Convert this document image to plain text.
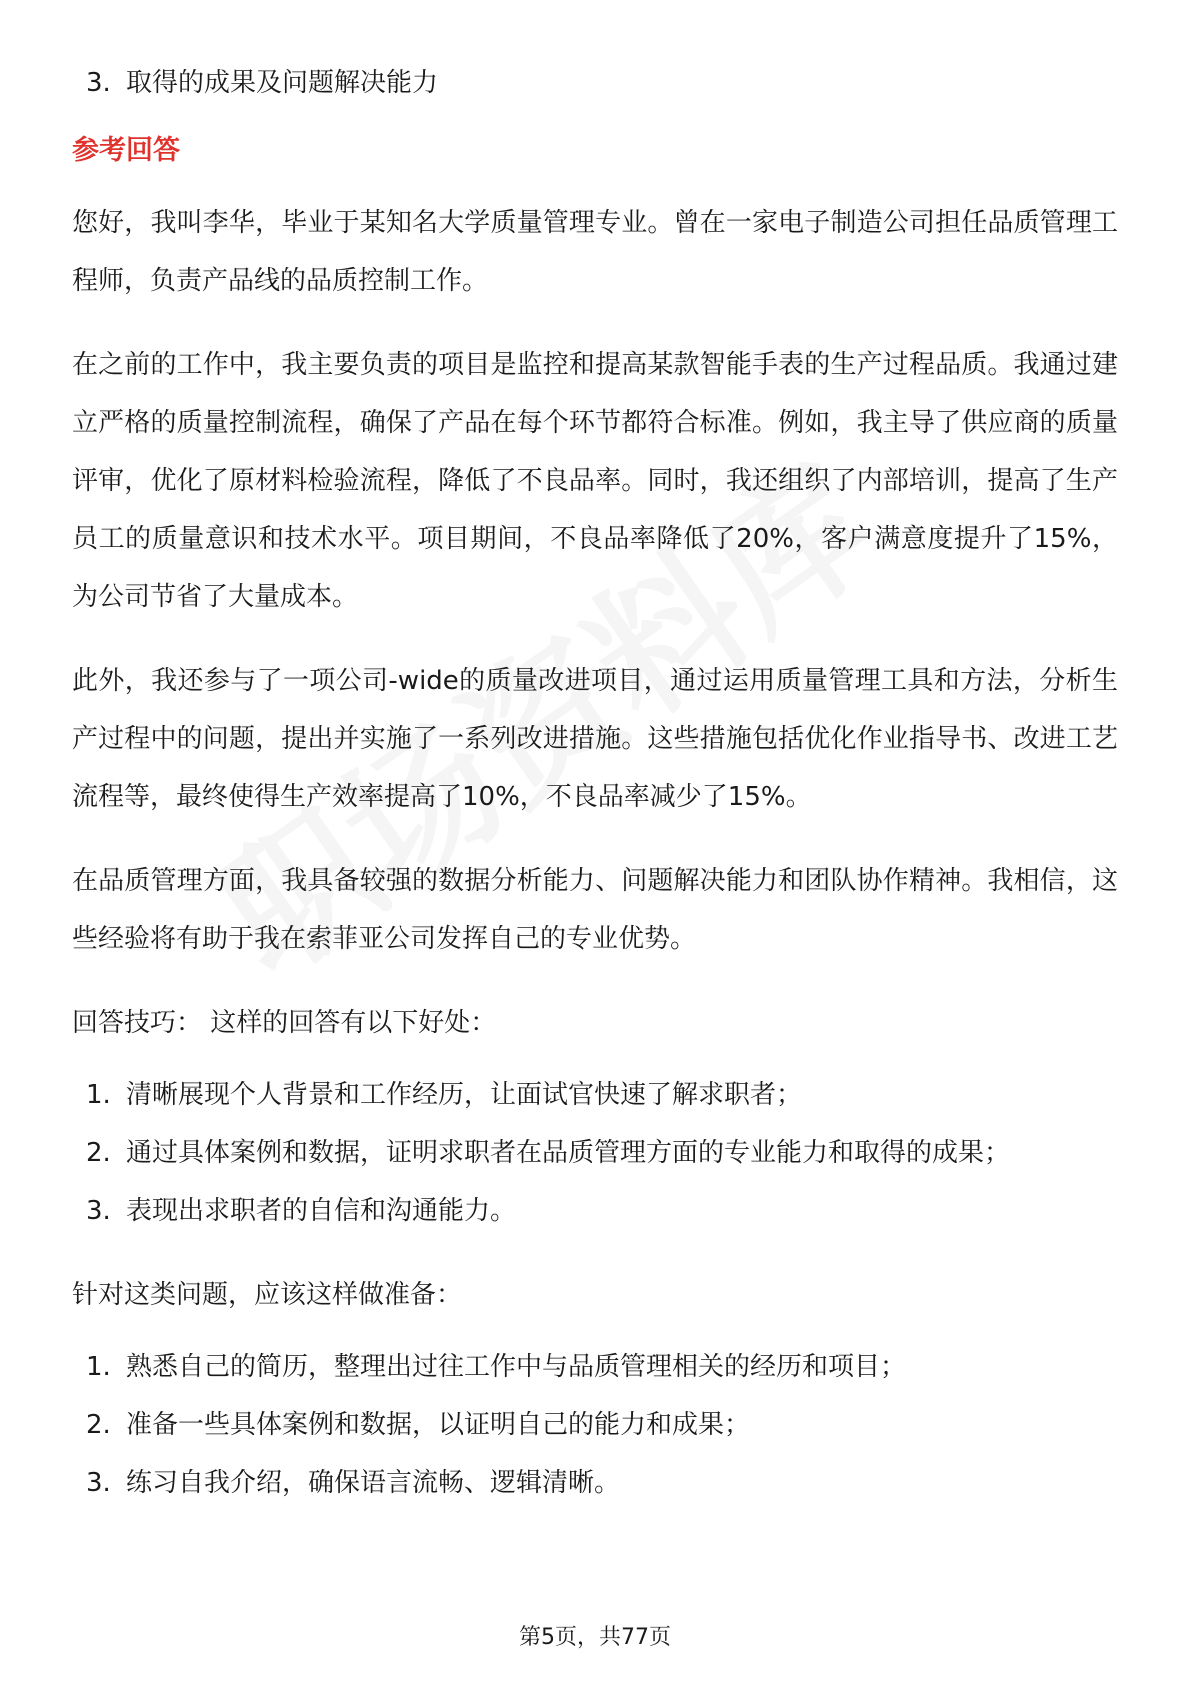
3. 取得的成果及问题解决能力
参考回答

您好，我叫李华，毕业于某知名大学质量管理专业。曾在一家电子制造公司担任品质管理工程师，负责产品线的品质控制工作。

在之前的工作中，我主要负责的项目是监控和提高某款智能手表的生产过程品质。我通过建立严格的质量控制流程，确保了产品在每个环节都符合标准。例如，我主导了供应商的质量评审，优化了原材料检验流程，降低了不良品率。同时，我还组织了内部培训，提高了生产员工的质量意识和技术水平。项目期间，不良品率降低了20%，客户满意度提升了15%，为公司节省了大量成本。

此外，我还参与了一项公司-wide的质量改进项目，通过运用质量管理工具和方法，分析生产过程中的问题，提出并实施了一系列改进措施。这些措施包括优化作业指导书、改进工艺流程等，最终使得生产效率提高了10%，不良品率减少了15%。

在品质管理方面，我具备较强的数据分析能力、问题解决能力和团队协作精神。我相信，这些经验将有助于我在索菲亚公司发挥自己的专业优势。

回答技巧： 这样的回答有以下好处：

1. 清晰展现个人背景和工作经历，让面试官快速了解求职者；
2. 通过具体案例和数据，证明求职者在品质管理方面的专业能力和取得的成果；
3. 表现出求职者的自信和沟通能力。

针对这类问题，应该这样做准备：

1. 熟悉自己的简历，整理出过往工作中与品质管理相关的经历和项目；
2. 准备一些具体案例和数据，以证明自己的能力和成果；
3. 练习自我介绍，确保语言流畅、逻辑清晰。
第5页，共77页
